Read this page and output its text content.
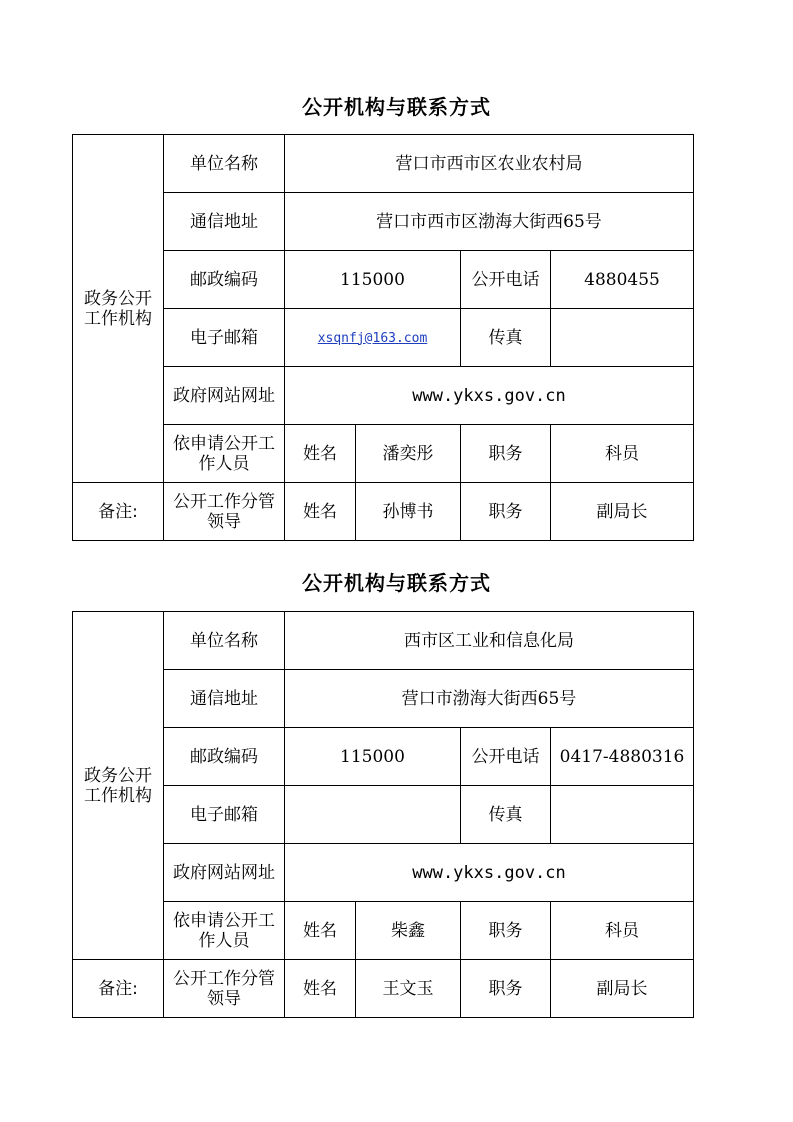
公开机构与联系方式
政务公开工作机构	单位名称	营口市西市区农业农村局			
	通信地址	营口市西市区渤海大街西65号			
	邮政编码	115000		公开电话	4880455
	电子邮箱	xsqnfj@163.com		传真	
	政府网站网址	www.ykxs.gov.cn			
	依申请公开工作人员	姓名	潘奕彤	职务	科员
备注:	公开工作分管领导	姓名	孙博书	职务	副局长
公开机构与联系方式
政务公开工作机构	单位名称	西市区工业和信息化局			
	通信地址	营口市渤海大街西65号			
	邮政编码	115000		公开电话	0417-4880316
	电子邮箱			传真	
	政府网站网址	www.ykxs.gov.cn			
	依申请公开工作人员	姓名	柴鑫	职务	科员
备注:	公开工作分管领导	姓名	王文玉	职务	副局长
